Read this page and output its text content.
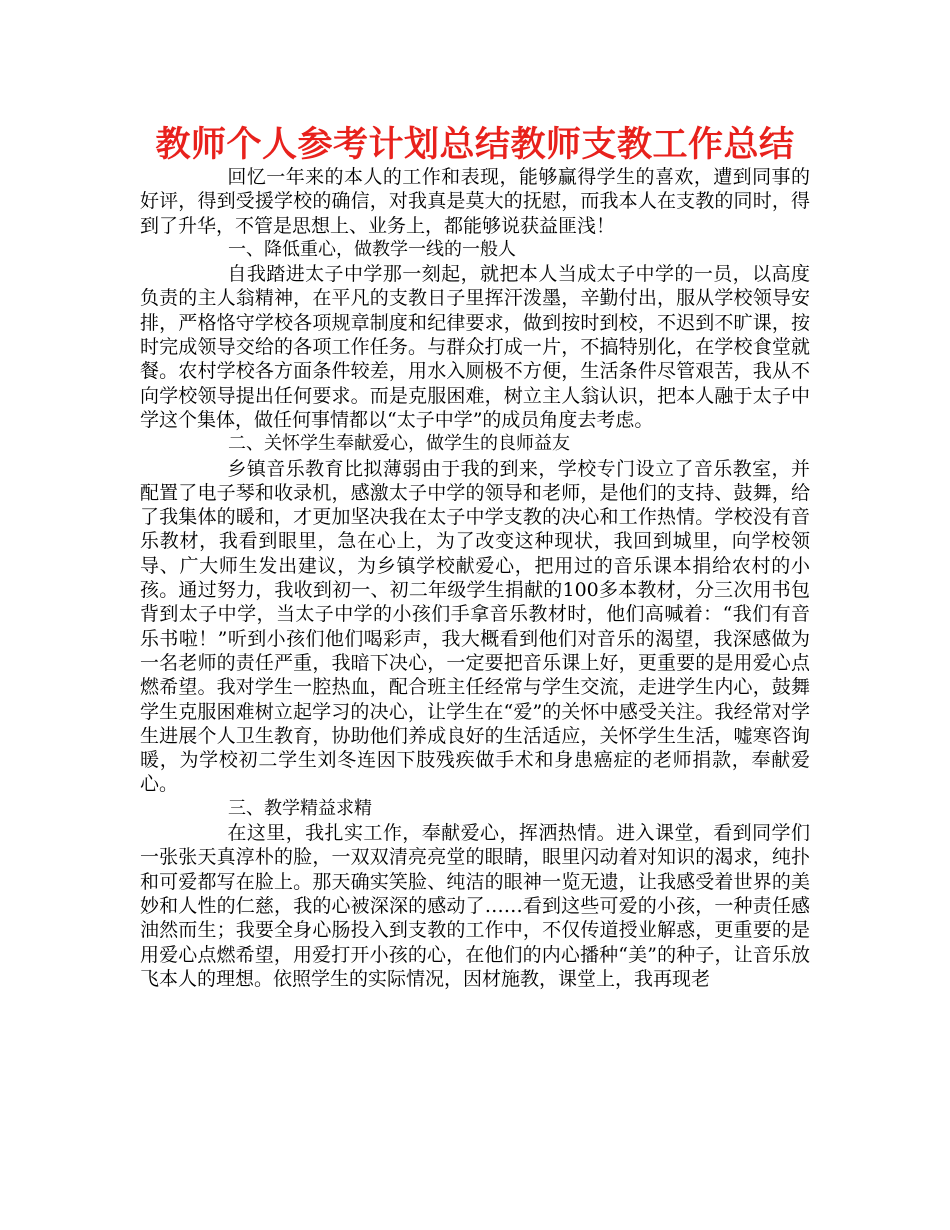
教师个人参考计划总结教师支教工作总结

回忆一年来的本人的工作和表现，能够赢得学生的喜欢，遭到同事的好评，得到受援学校的确信，对我真是莫大的抚慰，而我本人在支教的同时，得到了升华，不管是思想上、业务上，都能够说获益匪浅！

一、降低重心，做教学一线的一般人

自我踏进太子中学那一刻起，就把本人当成太子中学的一员，以高度负责的主人翁精神，在平凡的支教日子里挥汗泼墨，辛勤付出，服从学校领导安排，严格恪守学校各项规章制度和纪律要求，做到按时到校，不迟到不旷课，按时完成领导交给的各项工作任务。与群众打成一片，不搞特别化，在学校食堂就餐。农村学校各方面条件较差，用水入厕极不方便，生活条件尽管艰苦，我从不向学校领导提出任何要求。而是克服困难，树立主人翁认识，把本人融于太子中学这个集体，做任何事情都以“太子中学”的成员角度去考虑。

二、关怀学生奉献爱心，做学生的良师益友

乡镇音乐教育比拟薄弱由于我的到来，学校专门设立了音乐教室，并配置了电子琴和收录机，感激太子中学的领导和老师，是他们的支持、鼓舞，给了我集体的暖和，才更加坚决我在太子中学支教的决心和工作热情。学校没有音乐教材，我看到眼里，急在心上，为了改变这种现状，我回到城里，向学校领导、广大师生发出建议，为乡镇学校献爱心，把用过的音乐课本捐给农村的小孩。通过努力，我收到初一、初二年级学生捐献的100多本教材，分三次用书包背到太子中学，当太子中学的小孩们手拿音乐教材时，他们高喊着：“我们有音乐书啦！”听到小孩们他们喝彩声，我大概看到他们对音乐的渴望，我深感做为一名老师的责任严重，我暗下决心，一定要把音乐课上好，更重要的是用爱心点燃希望。我对学生一腔热血，配合班主任经常与学生交流，走进学生内心，鼓舞学生克服困难树立起学习的决心，让学生在“爱”的关怀中感受关注。我经常对学生进展个人卫生教育，协助他们养成良好的生活适应，关怀学生生活，嘘寒咨询暖，为学校初二学生刘冬连因下肢残疾做手术和身患癌症的老师捐款，奉献爱心。

三、教学精益求精

在这里，我扎实工作，奉献爱心，挥洒热情。进入课堂，看到同学们一张张天真淳朴的脸，一双双清亮亮堂的眼睛，眼里闪动着对知识的渴求，纯扑和可爱都写在脸上。那天确实笑脸、纯洁的眼神一览无遗，让我感受着世界的美妙和人性的仁慈，我的心被深深的感动了……看到这些可爱的小孩，一种责任感油然而生；我要全身心肠投入到支教的工作中，不仅传道授业解惑，更重要的是用爱心点燃希望，用爱打开小孩的心，在他们的内心播种“美”的种子，让音乐放飞本人的理想。依照学生的实际情况，因材施教，课堂上，我再现老
